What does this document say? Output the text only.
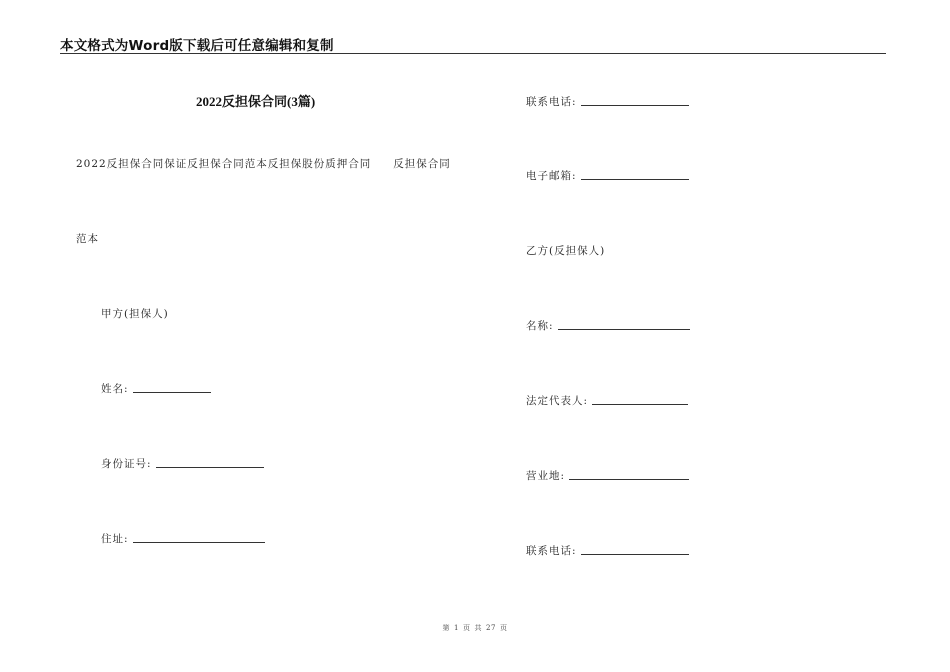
本文格式为Word版下载后可任意编辑和复制
2022反担保合同(3篇)
2022反担保合同保证反担保合同范本反担保股份质押合同 反担保合同
范本
甲方(担保人)
姓名:
身份证号:
住址:
联系电话:
电子邮箱:
乙方(反担保人)
名称:
法定代表人:
营业地:
联系电话:
第 1 页 共 27 页
